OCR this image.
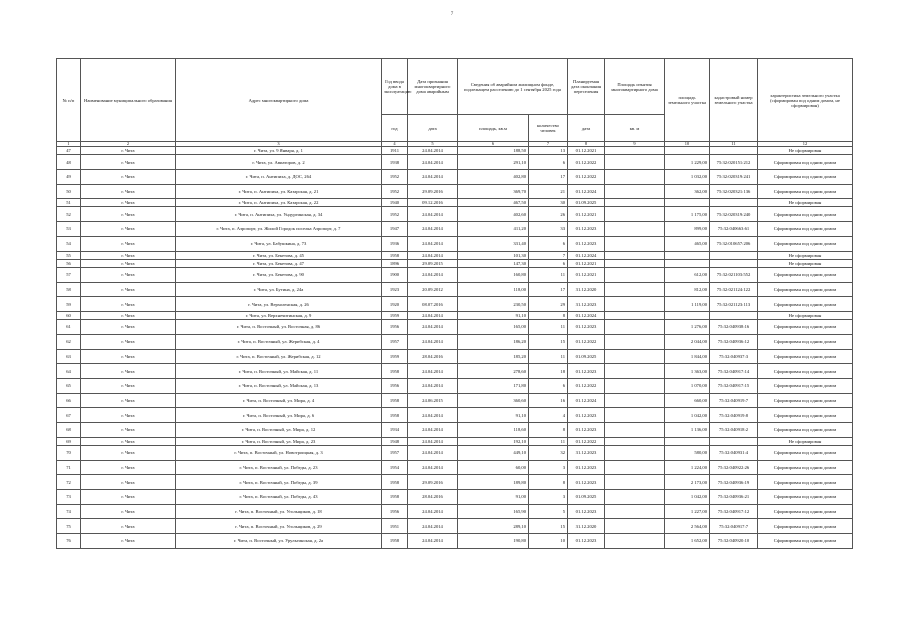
7
№ п/п	Наименование муниципального образования	Адрес многоквартирного дома	Год ввода дома в эксплуатацию	Дата признания многоквартирного дома аварийным	Сведения об аварийном жилищном фонде, подлежащем расселению до 1 сентября 2025 года		Планируемая дата окончания переселения	Площадь изъятия многоквартирного дома	площадь земельного участка	кадастровый номер земельного участка	характеристика земельного участка (сформирован под одним домом, не сформирован)
			год	дата	площадь, кв.м	количество человек	дата	кв. м			
1	2	3	4	5	6	7	8	9	10	11	12
47	г. Чита	г. Чита, ул. 9 Января, д. 1	1911	24.04.2014	188,50	13	01.12.2021				Не сформирован
48	г. Чита	г. Чита, ул. Авиаторов, д. 2	1938	24.04.2014	291,10	6	01.12.2022		1 229,00	75:32:020151:212	Сформирован под одним домом
49	г. Чита	г. Чита, п. Антипиха, д. ДОС, 264	1952	24.04.2014	402,80	17	01.12.2022		1 032,00	75:32:020319:241	Сформирован под одним домом
50	г. Чита	г. Чита, п. Антипиха, ул. Казарская, д. 21	1952	29.09.2016	369,70	21	01.12.2024		362,00	75:32:020321:136	Сформирован под одним домом
51	г. Чита	г. Чита, п. Антипиха, ул. Казарская, д. 22	1940	09.12.2016	467,50	30	01.09.2025				Не сформирован
52	г. Чита	г. Чита, п. Антипиха, ул. Ундургинская, д. 34	1952	24.04.2014	402,60	26	01.12.2021		1 175,00	75:32:020319:240	Сформирован под одним домом
53	г. Чита	г. Чита, п. Аэропорт, ул. Жилой Городок поселка Аэропорт, д. 7	1947	24.04.2014	411,20	33	01.12.2023		899,00	75:32:040663:61	Сформирован под одним домом
54	г. Чита	г. Чита, ул. Бабушкина, д. 73	1936	24.04.2014	331,40	6	01.12.2023		465,00	75:32:010657:206	Сформирован под одним домом
55	г. Чита	г. Чита, ул. Бекетова, д. 45	1958	24.04.2014	101,30	7	01.12.2024				Не сформирован
56	г. Чита	г. Чита, ул. Бекетова, д. 47	1896	29.09.2015	147,30	6	01.12.2021				Не сформирован
57	г. Чита	г. Чита, ул. Бекетова, д. 90	1900	24.04.2014	160,80	11	01.12.2021		612,00	75:32:021103:552	Сформирован под одним домом
58	г. Чита	г. Чита, ул. Бутина, д. 24а	1923	20.09.2012	118,00	17	31.12.2020		812,00	75:32:021124:122	Сформирован под одним домом
59	г. Чита	г. Чита, ул. Верхоленская, д. 26	1920	08.07.2016	230,50	29	31.12.2023		1 119,00	75:32:021123:113	Сформирован под одним домом
60	г. Чита	г. Чита, ул. Верхнечитинская, д. 9	1959	24.04.2014	91,10	8	01.12.2024				Не сформирован
61	г. Чита	г. Чита, п. Восточный, ул. Восточная, д. 86	1956	24.04.2014	165,00	11	01.12.2023		1 276,00	75:32:040938:16	Сформирован под одним домом
62	г. Чита	г. Чита, п. Восточный, ул. Жерибская, д. 4	1957	24.04.2014	186,20	15	01.12.2022		2 044,00	75:32:040936:12	Сформирован под одним домом
63	г. Чита	г. Чита, п. Восточный, ул. Жерибская, д. 12	1959	28.04.2016	185,20	11	01.09.2025		1 844,00	75:32:040937:3	Сформирован под одним домом
64	г. Чита	г. Чита, п. Восточный, ул. Майская, д. 11	1958	24.04.2014	278,60	18	01.12.2023		1 363,00	75:32:040917:14	Сформирован под одним домом
65	г. Чита	г. Чита, п. Восточный, ул. Майская, д. 13	1956	24.04.2014	171,80	6	01.12.2022		1 070,00	75:32:040917:15	Сформирован под одним домом
66	г. Чита	г. Чита, п. Восточный, ул. Мира, д. 4	1958	24.06.2015	360,60	16	01.12.2024		660,00	75:32:040919:7	Сформирован под одним домом
67	г. Чита	г. Чита, п. Восточный, ул. Мира, д. 6	1958	24.04.2014	91,10	4	01.12.2023		1 042,00	75:32:040919:8	Сформирован под одним домом
68	г. Чита	г. Чита, п. Восточный, ул. Мира, д. 12	1934	24.04.2014	118,60	8	01.12.2023		1 136,00	75:32:040918:2	Сформирован под одним домом
69	г. Чита	г. Чита, п. Восточный, ул. Мира, д. 23	1948	24.04.2014	192,10	11	01.12.2022				Не сформирован
70	г. Чита	г. Чита, п. Восточный, ул. Новотроицкая, д. 3	1957	24.04.2014	449,10	32	31.12.2023		580,00	75:32:040931:4	Сформирован под одним домом
71	г. Чита	г. Чита, п. Восточный, ул. Победы, д. 23	1954	24.04.2014	60,00	3	01.12.2023		1 224,00	75:32:040922:26	Сформирован под одним домом
72	г. Чита	г. Чита, п. Восточный, ул. Победы, д. 39	1958	29.09.2016	189,80	8	01.12.2023		2 173,00	75:32:040936:19	Сформирован под одним домом
73	г. Чита	г. Чита, п. Восточный, ул. Победы, д. 43	1958	28.04.2016	91,00	3	01.09.2025		1 042,00	75:32:040936:21	Сформирован под одним домом
74	г. Чита	г. Чита, п. Восточный, ул. Угольщиков, д. 18	1956	24.04.2014	165,90	5	01.12.2023		1 227,00	75:32:040917:12	Сформирован под одним домом
75	г. Чита	г. Чита, п. Восточный, ул. Угольщиков, д. 29	1951	24.04.2014	289,10	15	31.12.2020		2 564,00	75:32:040917:7	Сформирован под одним домом
76	г. Чита	г. Чита, п. Восточный, ул. Урульгинская, д. 2а	1958	24.04.2014	190,80	10	01.12.2023		1 652,00	75:32:040920:10	Сформирован под одним домом
